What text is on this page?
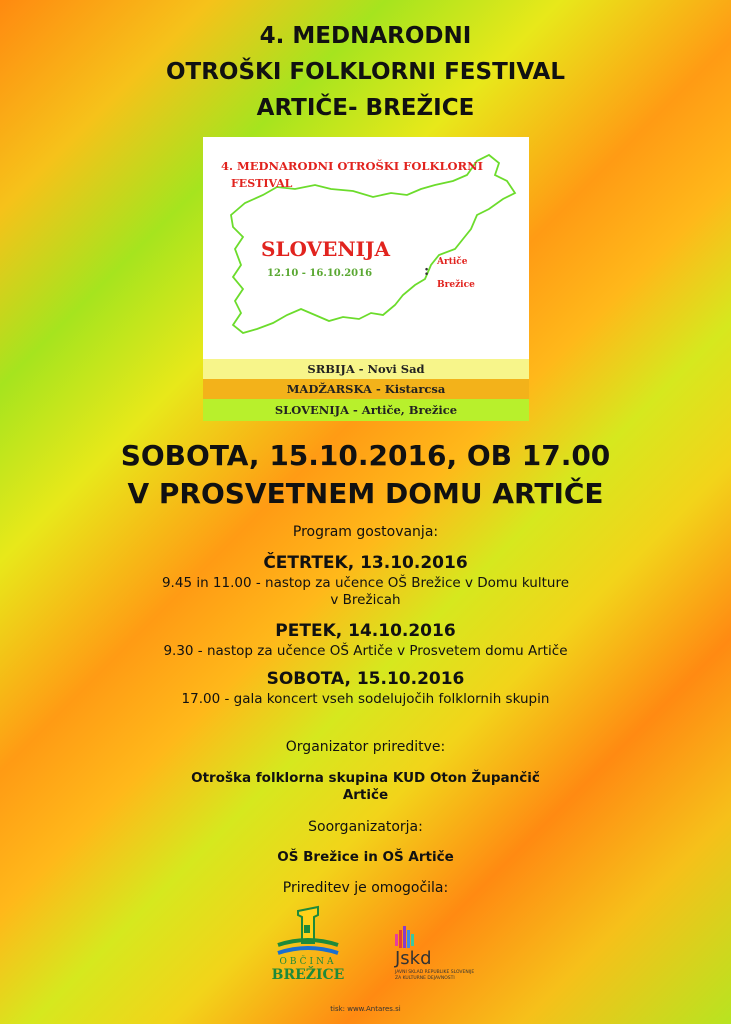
4. MEDNARODNI
OTROŠKI FOLKLORNI FESTIVAL
ARTIČE- BREŽICE
4. MEDNARODNI OTROŠKI FOLKLORNI
FESTIVAL
SLOVENIJA
12.10 - 16.10.2016	:
Artiče
Brežice
SRBIJA - Novi Sad
MADŽARSKA - Kistarcsa
SLOVENIJA - Artiče, Brežice
SOBOTA, 15.10.2016, OB 17.00
V PROSVETNEM DOMU ARTIČE
Program gostovanja:
ČETRTEK, 13.10.2016
9.45 in 11.00 - nastop za učence OŠ Brežice v Domu kulture
v Brežicah
PETEK, 14.10.2016
9.30 - nastop za učence OŠ Artiče v Prosvetem domu Artiče
SOBOTA, 15.10.2016
17.00 - gala koncert vseh sodelujočih folklornih skupin
Organizator prireditve:
Otroška folklorna skupina KUD Oton Župančič
Artiče
Soorganizatorja:
OŠ Brežice in OŠ Artiče
Prireditev je omogočila:
OBČINA
BREŽICE
Jskd
JAVNI SKLAD REPUBLIKE SLOVENIJE
ZA KULTURNE DEJAVNOSTI
tisk: www.Antares.si
